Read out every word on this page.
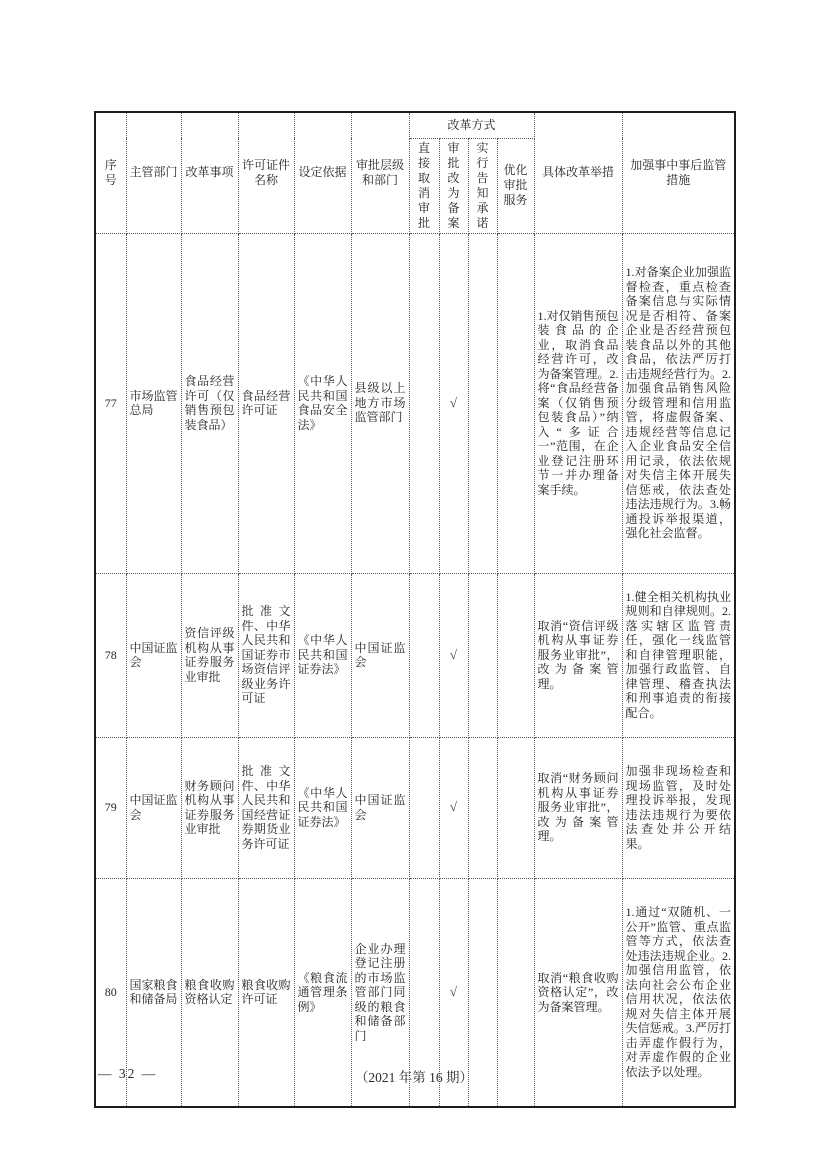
序号	主管部门	改革事项	许可证件名称	设定依据	审批层级和部门	改革方式				具体改革举措	加强事中事后监管措施
						直接取消审批	审批改为备案	实行告知承诺	优化审批服务		
77	市场监管总局	食品经营许可（仅销售预包装食品）	食品经营许可证	《中华人民共和国食品安全法》	县级以上地方市场监管部门		√			1.对仅销售预包装食品的企业，取消食品经营许可，改为备案管理。2.将“食品经营备案（仅销售预包装食品）”纳入“多证合一”范围，在企业登记注册环节一并办理备案手续。	1.对备案企业加强监督检查，重点检查备案信息与实际情况是否相符、备案企业是否经营预包装食品以外的其他食品，依法严厉打击违规经营行为。2.加强食品销售风险分级管理和信用监管，将虚假备案、违规经营等信息记入企业食品安全信用记录，依法依规对失信主体开展失信惩戒，依法查处违法违规行为。3.畅通投诉举报渠道，强化社会监督。
78	中国证监会	资信评级机构从事证券服务业审批	批准文件、中华人民共和国证券市场资信评级业务许可证	《中华人民共和国证券法》	中国证监会		√			取消“资信评级机构从事证券服务业审批”，改为备案管理。	1.健全相关机构执业规则和自律规则。2.落实辖区监管责任，强化一线监管和自律管理职能，加强行政监管、自律管理、稽查执法和刑事追责的衔接配合。
79	中国证监会	财务顾问机构从事证券服务业审批	批准文件、中华人民共和国经营证券期货业务许可证	《中华人民共和国证券法》	中国证监会		√			取消“财务顾问机构从事证券服务业审批”，改为备案管理。	加强非现场检查和现场监管，及时处理投诉举报，发现违法违规行为要依法查处并公开结果。
80	国家粮食和储备局	粮食收购资格认定	粮食收购许可证	《粮食流通管理条例》	企业办理登记注册的市场监管部门同级的粮食和储备部门		√			取消“粮食收购资格认定”，改为备案管理。	1.通过“双随机、一公开”监管、重点监管等方式，依法查处违法违规企业。2.加强信用监管，依法向社会公布企业信用状况，依法依规对失信主体开展失信惩戒。3.严厉打击弄虚作假行为，对弄虚作假的企业依法予以处理。
— 32 —	（2021 年第 16 期）
